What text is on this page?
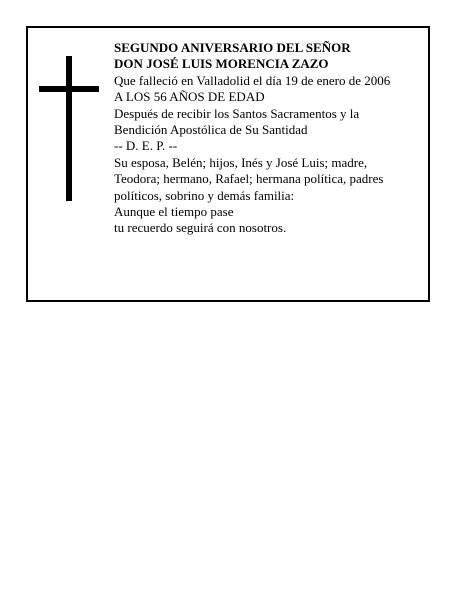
SEGUNDO ANIVERSARIO DEL SEÑOR
DON JOSÉ LUIS MORENCIA ZAZO
Que falleció en Valladolid el día 19 de enero de 2006
A LOS 56 AÑOS DE EDAD
Después de recibir los Santos Sacramentos y la
Bendición Apostólica de Su Santidad
-- D. E. P. --
Su esposa, Belén; hijos, Inés y José Luis; madre,
Teodora; hermano, Rafael; hermana política, padres
políticos, sobrino y demás familia:
Aunque el tiempo pase
tu recuerdo seguirá con nosotros.
